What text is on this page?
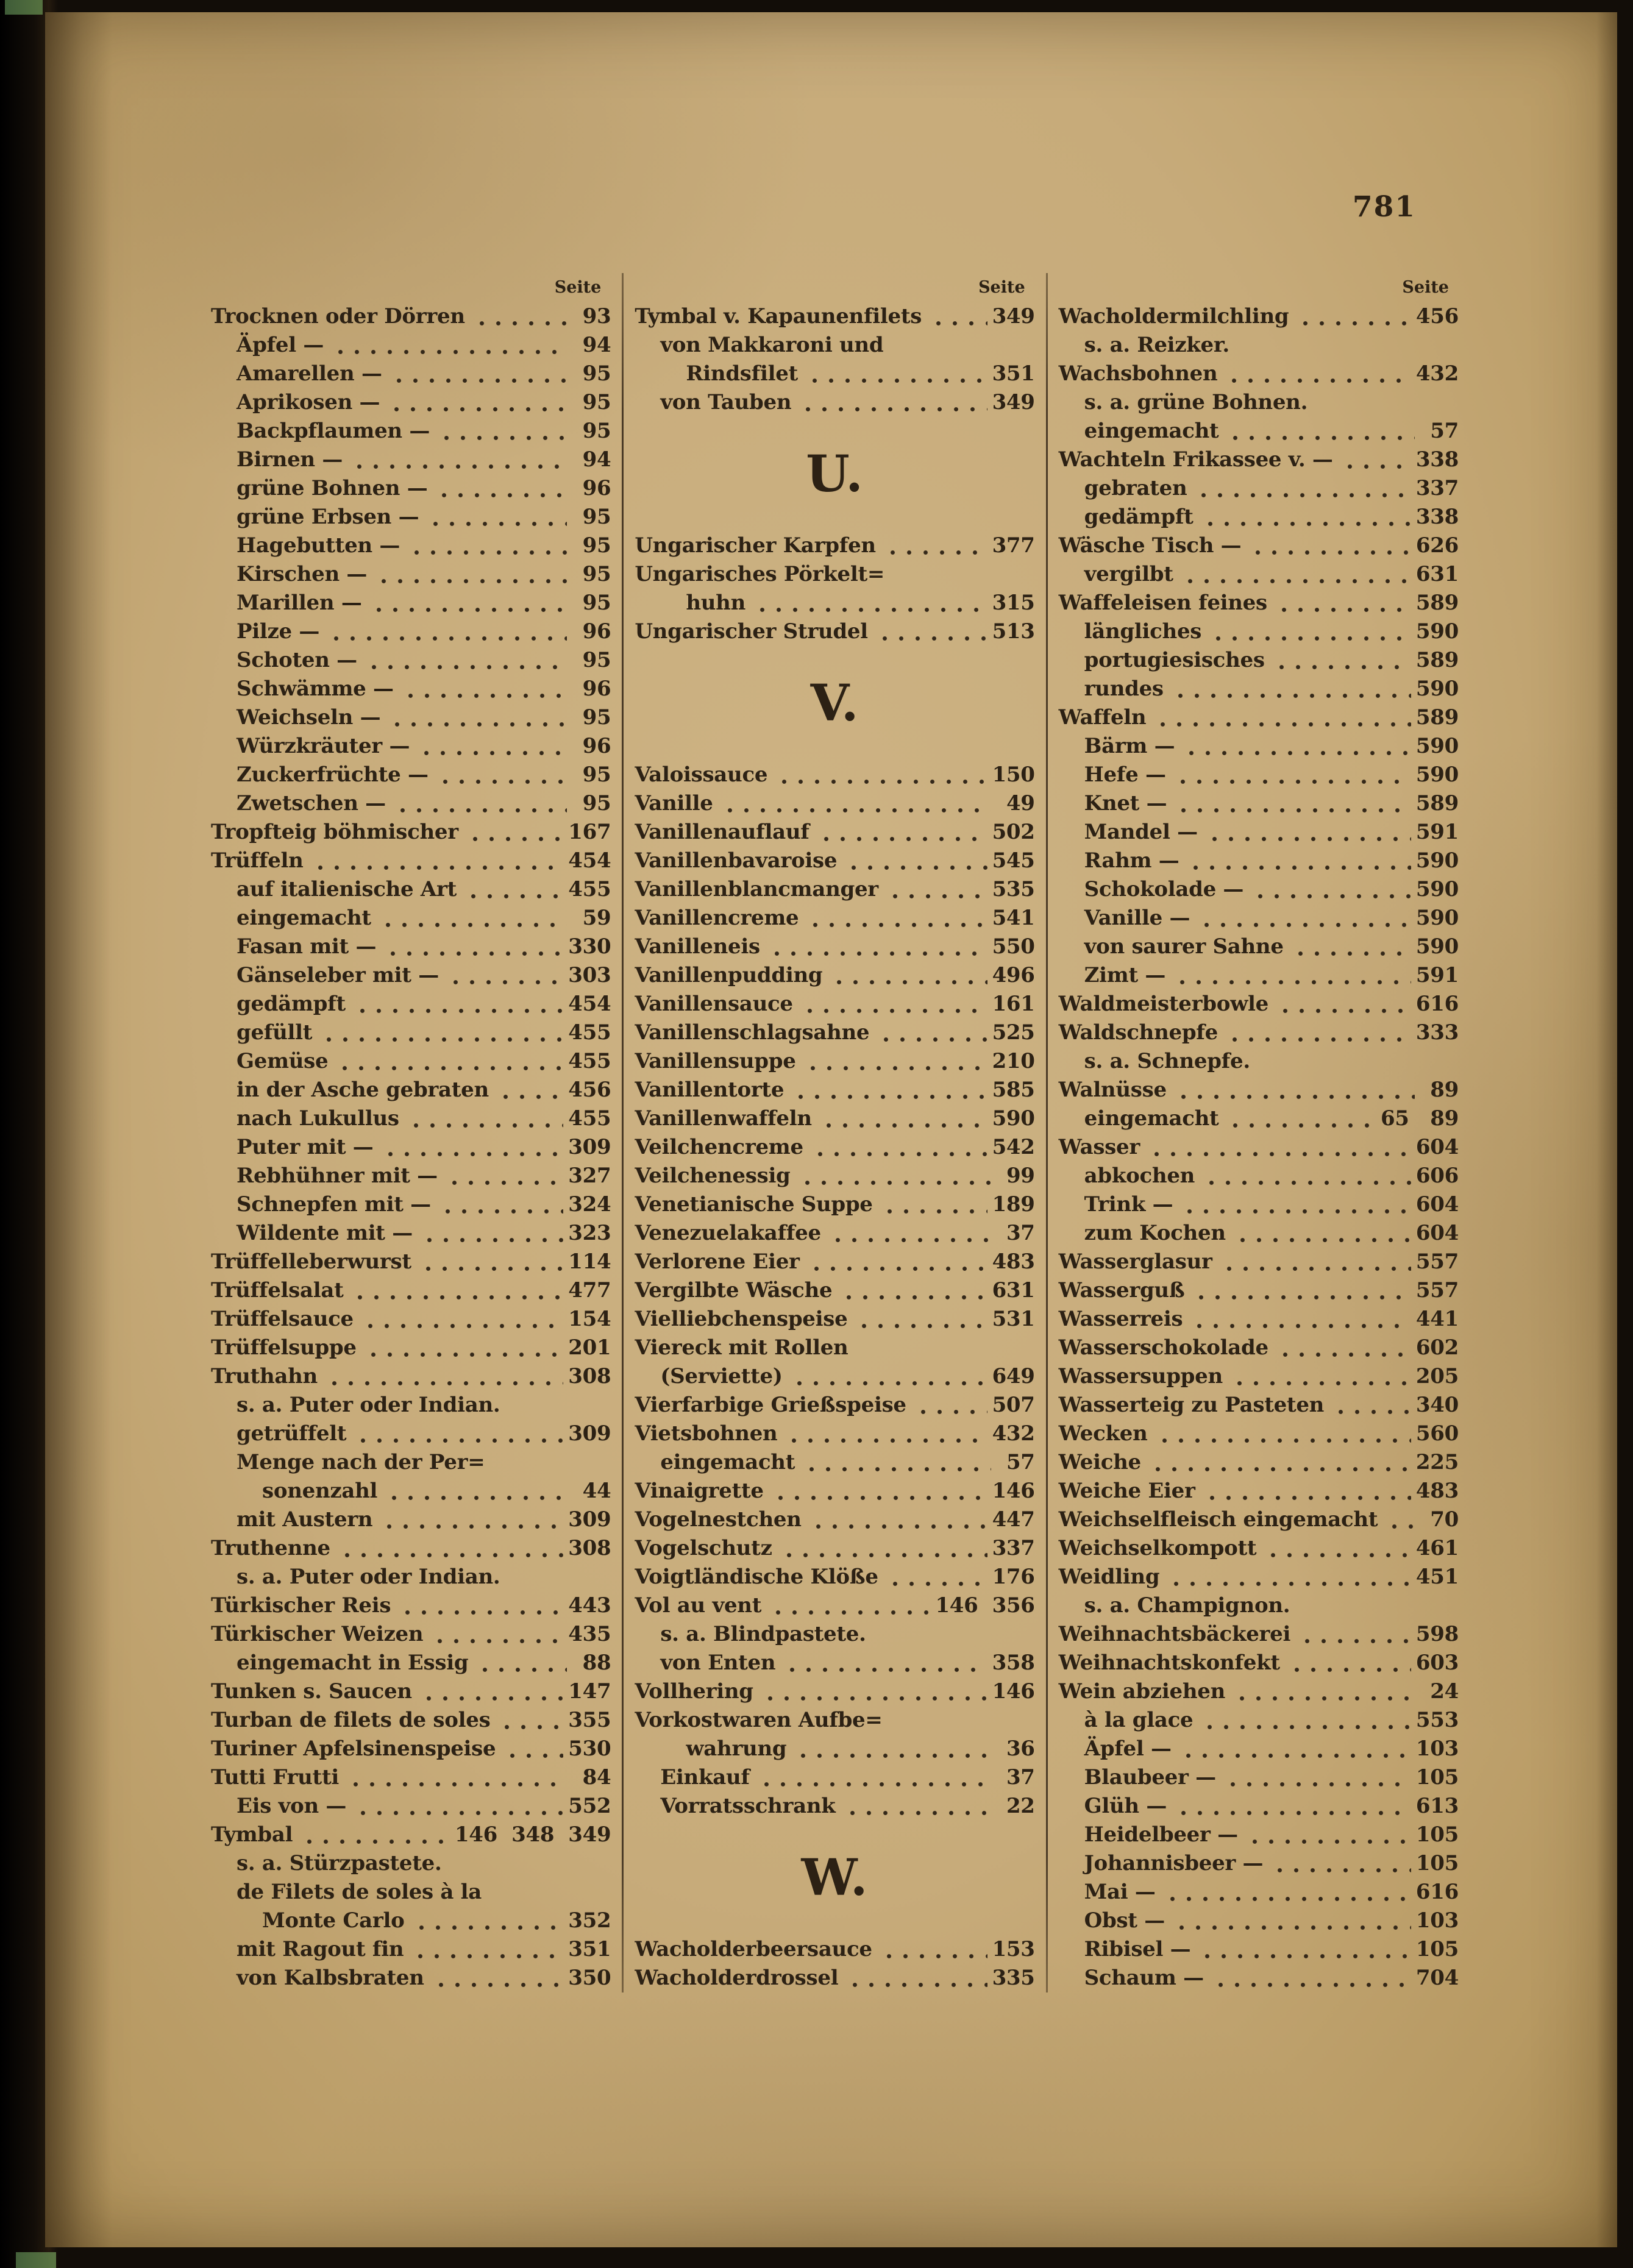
781
Seite
Trocknen oder Dörren	93
Äpfel —	94
Amarellen —	95
Aprikosen —	95
Backpflaumen —	95
Birnen —	94
grüne Bohnen —	96
grüne Erbsen —	95
Hagebutten —	95
Kirschen —	95
Marillen —	95
Pilze —	96
Schoten —	95
Schwämme —	96
Weichseln —	95
Würzkräuter —	96
Zuckerfrüchte —	95
Zwetschen —	95
Tropfteig böhmischer	167
Trüffeln	454
auf italienische Art	455
eingemacht	59
Fasan mit —	330
Gänseleber mit —	303
gedämpft	454
gefüllt	455
Gemüse	455
in der Asche gebraten	456
nach Lukullus	455
Puter mit —	309
Rebhühner mit —	327
Schnepfen mit —	324
Wildente mit —	323
Trüffelleberwurst	114
Trüffelsalat	477
Trüffelsauce	154
Trüffelsuppe	201
Truthahn	308
s. a. Puter oder Indian.
getrüffelt	309
Menge nach der Per=
sonenzahl	44
mit Austern	309
Truthenne	308
s. a. Puter oder Indian.
Türkischer Reis	443
Türkischer Weizen	435
eingemacht in Essig	88
Tunken s. Saucen	147
Turban de filets de soles	355
Turiner Apfelsinenspeise	530
Tutti Frutti	84
Eis von —	552
Tymbal	146  348  349
s. a. Stürzpastete.
de Filets de soles à la
Monte Carlo	352
mit Ragout fin	351
von Kalbsbraten	350
Seite
Tymbal v. Kapaunenfilets	349
von Makkaroni und
Rindsfilet	351
von Tauben	349
U.
Ungarischer Karpfen	377
Ungarisches Pörkelt=
huhn	315
Ungarischer Strudel	513
V.
Valoissauce	150
Vanille	49
Vanillenauflauf	502
Vanillenbavaroise	545
Vanillenblancmanger	535
Vanillencreme	541
Vanilleneis	550
Vanillenpudding	496
Vanillensauce	161
Vanillenschlagsahne	525
Vanillensuppe	210
Vanillentorte	585
Vanillenwaffeln	590
Veilchencreme	542
Veilchenessig	99
Venetianische Suppe	189
Venezuelakaffee	37
Verlorene Eier	483
Vergilbte Wäsche	631
Vielliebchenspeise	531
Viereck mit Rollen
(Serviette)	649
Vierfarbige Grießspeise	507
Vietsbohnen	432
eingemacht	57
Vinaigrette	146
Vogelnestchen	447
Vogelschutz	337
Voigtländische Klöße	176
Vol au vent	146  356
s. a. Blindpastete.
von Enten	358
Vollhering	146
Vorkostwaren Aufbe=
wahrung	36
Einkauf	37
Vorratsschrank	22
W.
Wacholderbeersauce	153
Wacholderdrossel	335
Seite
Wacholdermilchling	456
s. a. Reizker.
Wachsbohnen	432
s. a. grüne Bohnen.
eingemacht	57
Wachteln Frikassee v. —	338
gebraten	337
gedämpft	338
Wäsche Tisch —	626
vergilbt	631
Waffeleisen feines	589
längliches	590
portugiesisches	589
rundes	590
Waffeln	589
Bärm —	590
Hefe —	590
Knet —	589
Mandel —	591
Rahm —	590
Schokolade —	590
Vanille —	590
von saurer Sahne	590
Zimt —	591
Waldmeisterbowle	616
Waldschnepfe	333
s. a. Schnepfe.
Walnüsse	89
eingemacht	65   89
Wasser	604
abkochen	606
Trink —	604
zum Kochen	604
Wasserglasur	557
Wasserguß	557
Wasserreis	441
Wasserschokolade	602
Wassersuppen	205
Wasserteig zu Pasteten	340
Wecken	560
Weiche	225
Weiche Eier	483
Weichselfleisch eingemacht	70
Weichselkompott	461
Weidling	451
s. a. Champignon.
Weihnachtsbäckerei	598
Weihnachtskonfekt	603
Wein abziehen	24
à la glace	553
Äpfel —	103
Blaubeer —	105
Glüh —	613
Heidelbeer —	105
Johannisbeer —	105
Mai —	616
Obst —	103
Ribisel —	105
Schaum —	704
